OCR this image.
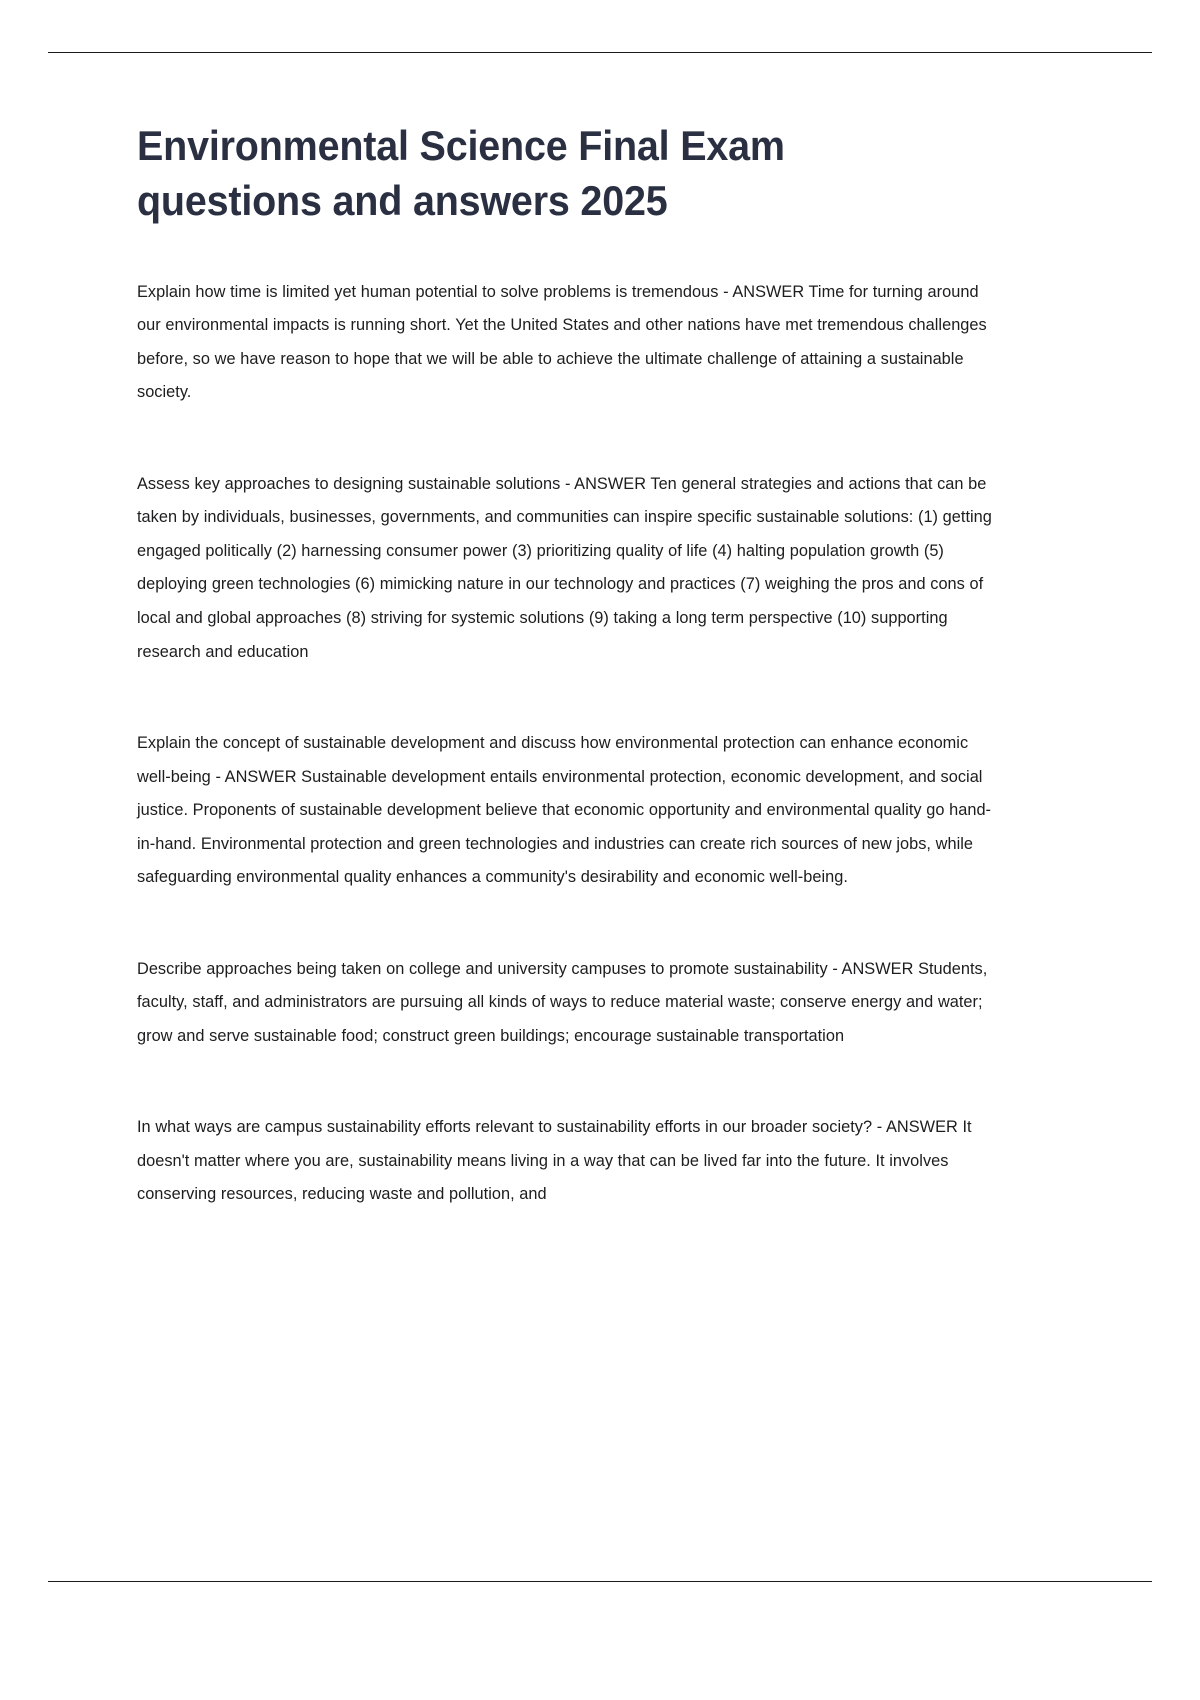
Environmental Science Final Exam
questions and answers 2025

Explain how time is limited yet human potential to solve problems is tremendous - ANSWER Time for turning around our environmental impacts is running short. Yet the United States and other nations have met tremendous challenges before, so we have reason to hope that we will be able to achieve the ultimate challenge of attaining a sustainable society.

Assess key approaches to designing sustainable solutions - ANSWER Ten general strategies and actions that can be taken by individuals, businesses, governments, and communities can inspire specific sustainable solutions: (1) getting engaged politically (2) harnessing consumer power (3) prioritizing quality of life (4) halting population growth (5) deploying green technologies (6) mimicking nature in our technology and practices (7) weighing the pros and cons of local and global approaches (8) striving for systemic solutions (9) taking a long term perspective (10) supporting research and education

Explain the concept of sustainable development and discuss how environmental protection can enhance economic well-being - ANSWER Sustainable development entails environmental protection, economic development, and social justice. Proponents of sustainable development believe that economic opportunity and environmental quality go hand-in-hand. Environmental protection and green technologies and industries can create rich sources of new jobs, while safeguarding environmental quality enhances a community's desirability and economic well-being.

Describe approaches being taken on college and university campuses to promote sustainability - ANSWER Students, faculty, staff, and administrators are pursuing all kinds of ways to reduce material waste; conserve energy and water; grow and serve sustainable food; construct green buildings; encourage sustainable transportation

In what ways are campus sustainability efforts relevant to sustainability efforts in our broader society? - ANSWER It doesn't matter where you are, sustainability means living in a way that can be lived far into the future. It involves conserving resources, reducing waste and pollution, and
